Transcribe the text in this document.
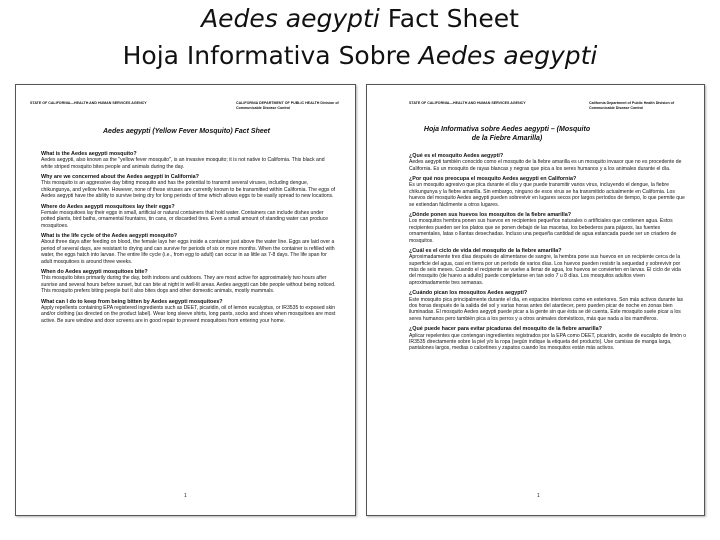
Aedes aegypti Fact Sheet
Hoja Informativa Sobre Aedes aegypti
STATE OF CALIFORNIA—HEALTH AND HUMAN SERVICES AGENCY	CALIFORNIA DEPARTMENT OF PUBLIC HEALTH Division of Communicable Disease Control
Aedes aegypti (Yellow Fever Mosquito) Fact Sheet

What is the Aedes aegypti mosquito?

Aedes aegypti, also known as the "yellow fever mosquito", is an invasive mosquito; it is not native to California. This black and white striped mosquito bites people and animals during the day.

Why are we concerned about the Aedes aegypti in California?

This mosquito is an aggressive day biting mosquito and has the potential to transmit several viruses, including dengue, chikungunya, and yellow fever. However, none of these viruses are currently known to be transmitted within California. The eggs of Aedes aegypti have the ability to survive being dry for long periods of time which allows eggs to be easily spread to new locations.

Where do Aedes aegypti mosquitoes lay their eggs?

Female mosquitoes lay their eggs in small, artificial or natural containers that hold water. Containers can include dishes under potted plants, bird baths, ornamental fountains, tin cans, or discarded tires. Even a small amount of standing water can produce mosquitoes.

What is the life cycle of the Aedes aegypti mosquito?

About three days after feeding on blood, the female lays her eggs inside a container just above the water line. Eggs are laid over a period of several days, are resistant to drying and can survive for periods of six or more months. When the container is refilled with water, the eggs hatch into larvae. The entire life cycle (i.e., from egg to adult) can occur in as little as 7-8 days. The life span for adult mosquitoes is around three weeks.

When do Aedes aegypti mosquitoes bite?

This mosquito bites primarily during the day, both indoors and outdoors. They are most active for approximately two hours after sunrise and several hours before sunset, but can bite at night in well-lit areas. Aedes aegypti can bite people without being noticed. This mosquito prefers biting people but it also bites dogs and other domestic animals, mostly mammals.

What can I do to keep from being bitten by Aedes aegypti mosquitoes?

Apply repellents containing EPA registered ingredients such as DEET, picaridin, oil of lemon eucalyptus, or IR3535 to exposed skin and/or clothing (as directed on the product label). Wear long sleeve shirts, long pants, socks and shoes when mosquitoes are most active. Be sure window and door screens are in good repair to prevent mosquitoes from entering your home.

1
STATE OF CALIFORNIA—HEALTH AND HUMAN SERVICES AGENCY	California Department of Public Health Division of Communicable Disease Control
Hoja Informativa sobre Aedes aegypti – (Mosquito de la Fiebre Amarilla)

¿Qué es el mosquito Aedes aegypti?

Aedes aegypti también conocido como el mosquito de la fiebre amarilla es un mosquito invasor que no es procedente de California. Es un mosquito de rayas blancas y negras que pica a los seres humanos y a los animales durante el día.

¿Por qué nos preocupa el mosquito Aedes aegypti en California?

Es un mosquito agresivo que pica durante el día y que puede transmitir varios virus, incluyendo el dengue, la fiebre chikungunya y la fiebre amarilla. Sin embargo, ninguno de esos virus se ha transmitido actualmente en California. Los huevos del mosquito Aedes aegypti pueden sobrevivir en lugares secos por largos períodos de tiempo, lo que permite que se extiendan fácilmente a otros lugares.

¿Dónde ponen sus huevos los mosquitos de la fiebre amarilla?

Los mosquitos hembra ponen sus huevos en recipientes pequeños naturales o artificiales que contienen agua. Estos recipientes pueden ser los platos que se ponen debajo de las macetas, los bebederos para pájaros, las fuentes ornamentales, latas o llantas desechadas. Incluso una pequeña cantidad de agua estancada puede ser un criadero de mosquitos.

¿Cuál es el ciclo de vida del mosquito de la fiebre amarilla?

Aproximadamente tres días después de alimentarse de sangre, la hembra pone sus huevos en un recipiente cerca de la superficie del agua, casi en tierra por un período de varios días. Los huevos pueden resistir la sequedad y sobrevivir por más de seis meses. Cuando el recipiente se vuelve a llenar de agua, los huevos se convierten en larvas. El ciclo de vida del mosquito (de huevo a adulto) puede completarse en tan solo 7 u 8 días. Los mosquitos adultos viven aproximadamente tres semanas.

¿Cuándo pican los mosquitos Aedes aegypti?

Este mosquito pica principalmente durante el día, en espacios interiores como en exteriores. Son más activos durante las dos horas después de la salida del sol y varias horas antes del atardecer, pero pueden picar de noche en zonas bien iluminadas. El mosquito Aedes aegypti puede picar a la gente sin que ésta se dé cuenta. Este mosquito suele picar a los seres humanos pero también pica a los perros y a otros animales domésticos, más que nada a los mamíferos.

¿Qué puede hacer para evitar picaduras del mosquito de la fiebre amarilla?

Aplicar repelentes que contengan ingredientes registrados por la EPA como DEET, picaridin, aceite de eucalipto de limón o IR3535 directamente sobre la piel y/o la ropa (según indique la etiqueta del producto). Use camisas de manga larga, pantalones largos, medias o calcetines y zapatos cuando los mosquitos están más activos.

1
